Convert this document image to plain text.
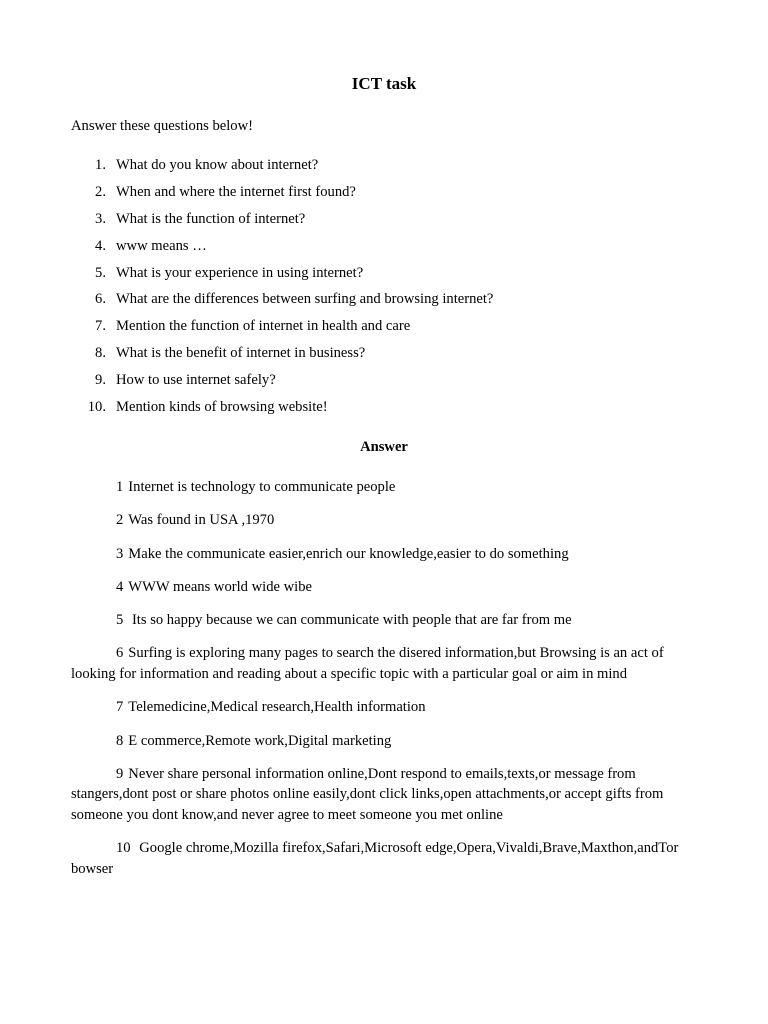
ICT task
Answer these questions below!
1. What do you know about internet?
2. When and where the internet first found?
3. What is the function of internet?
4. www means …
5. What is your experience in using internet?
6. What are the differences between surfing and browsing internet?
7. Mention the function of internet in health and care
8. What is the benefit of internet in business?
9. How to use internet safely?
10. Mention kinds of browsing website!
Answer

1 Internet is technology to communicate people

2 Was found in USA ,1970

3 Make the communicate easier,enrich our knowledge,easier to do something

4 WWW means world wide wibe

5 Its so happy because we can communicate with people that are far from me

6 Surfing is exploring many pages to search the disered information,but Browsing is an act of looking for information and reading about a specific topic with a particular goal or aim in mind

7 Telemedicine,Medical research,Health information

8 E commerce,Remote work,Digital marketing

9 Never share personal information online,Dont respond to emails,texts,or message from stangers,dont post or share photos online easily,dont click links,open attachments,or accept gifts from someone you dont know,and never agree to meet someone you met online

10 Google chrome,Mozilla firefox,Safari,Microsoft edge,Opera,Vivaldi,Brave,Maxthon,andTor bowser
